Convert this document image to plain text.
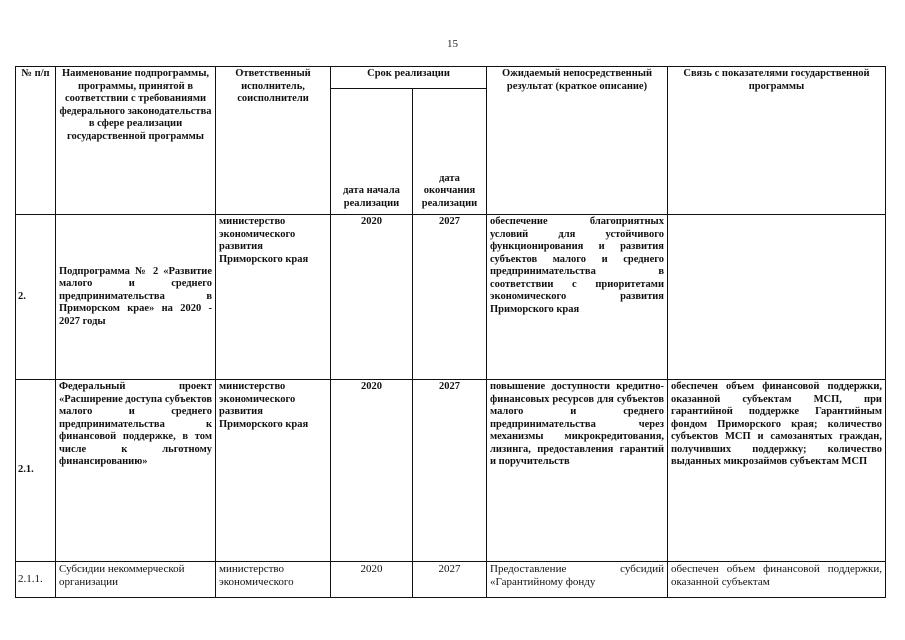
15
№ п/п	Наименование подпрограммы, программы, принятой в соответствии с требованиями федерального законодательства в сфере реализации государственной программы	Ответственный исполнитель, соисполнители	Срок реализации		Ожидаемый непосредственный результат (краткое описание)	Связь с показателями государственной программы
			дата начала реализации	дата окончания реализации		
2.	Подпрограмма № 2 «Развитие малого и среднего предпринимательства в Приморском крае» на 2020 - 2027 годы	министерство экономического развития Приморского края	2020	2027	обеспечение благоприятных условий для устойчивого функционирования и развития субъектов малого и среднего предпринимательства в соответствии с приоритетами экономического развития Приморского края	
2.1.	Федеральный проект «Расширение доступа субъектов малого и среднего предпринимательства к финансовой поддержке, в том числе к льготному финансированию»	министерство экономического развития Приморского края	2020	2027	повышение доступности кредитно-финансовых ресурсов для субъектов малого и среднего предпринимательства через механизмы микрокредитования, лизинга, предоставления гарантий и поручительств	обеспечен объем финансовой поддержки, оказанной субъектам МСП, при гарантийной поддержке Гарантийным фондом Приморского края; количество субъектов МСП и самозанятых граждан, получивших поддержку; количество выданных микрозаймов субъектам МСП
2.1.1.	Субсидии некоммерческой организации	министерство экономического	2020	2027	Предоставление субсидий «Гарантийному фонду	обеспечен объем финансовой поддержки, оказанной субъектам
